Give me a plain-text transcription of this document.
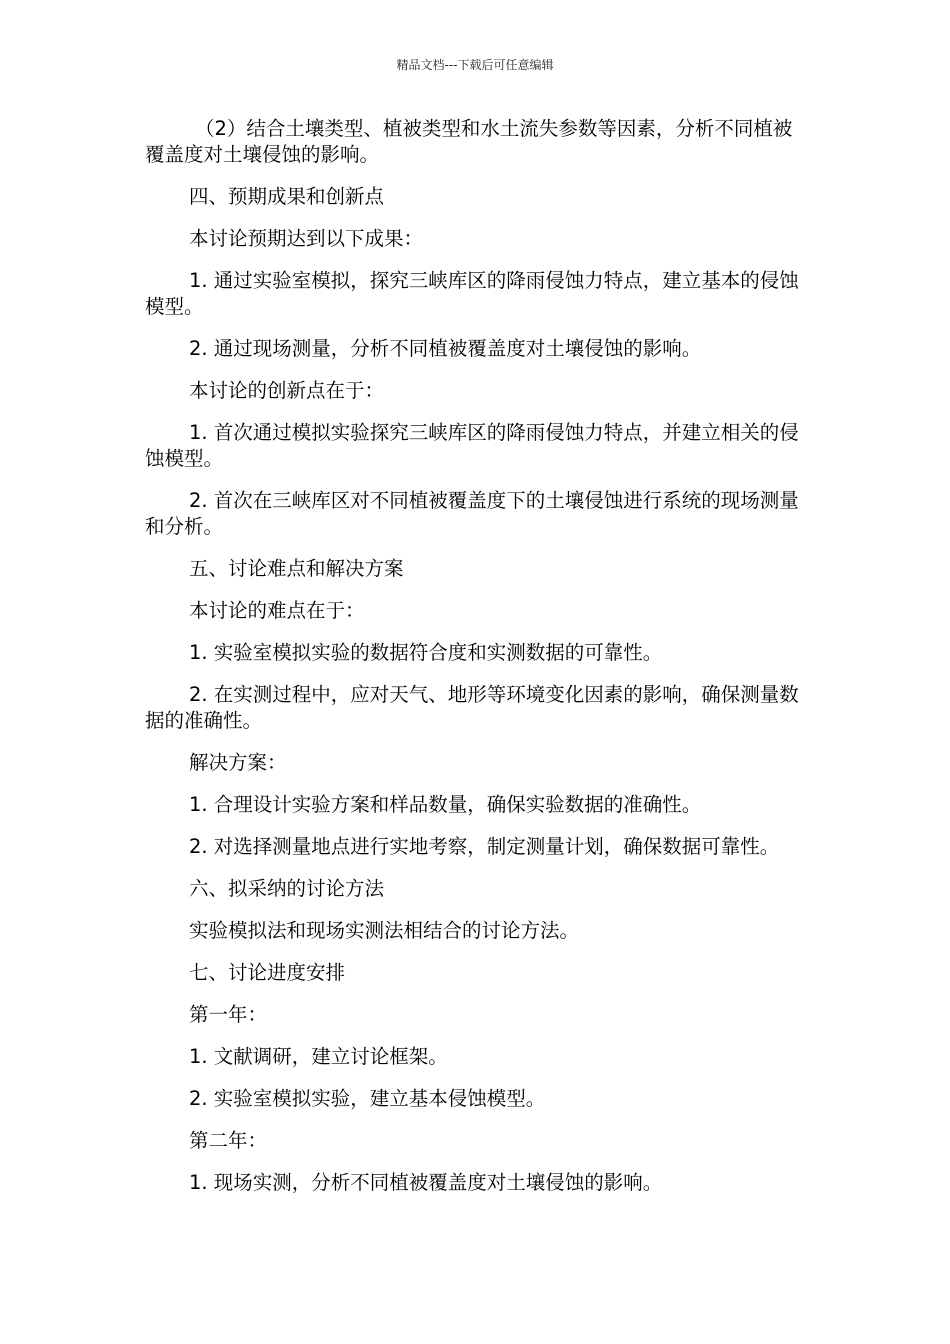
精品文档---下载后可任意编辑

（2）结合土壤类型、植被类型和水土流失参数等因素，分析不同植被覆盖度对土壤侵蚀的影响。

四、预期成果和创新点

本讨论预期达到以下成果：

1. 通过实验室模拟，探究三峡库区的降雨侵蚀力特点，建立基本的侵蚀模型。

2. 通过现场测量，分析不同植被覆盖度对土壤侵蚀的影响。

本讨论的创新点在于：

1. 首次通过模拟实验探究三峡库区的降雨侵蚀力特点，并建立相关的侵蚀模型。

2. 首次在三峡库区对不同植被覆盖度下的土壤侵蚀进行系统的现场测量和分析。

五、讨论难点和解决方案

本讨论的难点在于：

1. 实验室模拟实验的数据符合度和实测数据的可靠性。

2. 在实测过程中，应对天气、地形等环境变化因素的影响，确保测量数据的准确性。

解决方案：

1. 合理设计实验方案和样品数量，确保实验数据的准确性。

2. 对选择测量地点进行实地考察，制定测量计划，确保数据可靠性。

六、拟采纳的讨论方法

实验模拟法和现场实测法相结合的讨论方法。

七、讨论进度安排

第一年：

1. 文献调研，建立讨论框架。

2. 实验室模拟实验，建立基本侵蚀模型。

第二年：

1. 现场实测，分析不同植被覆盖度对土壤侵蚀的影响。
